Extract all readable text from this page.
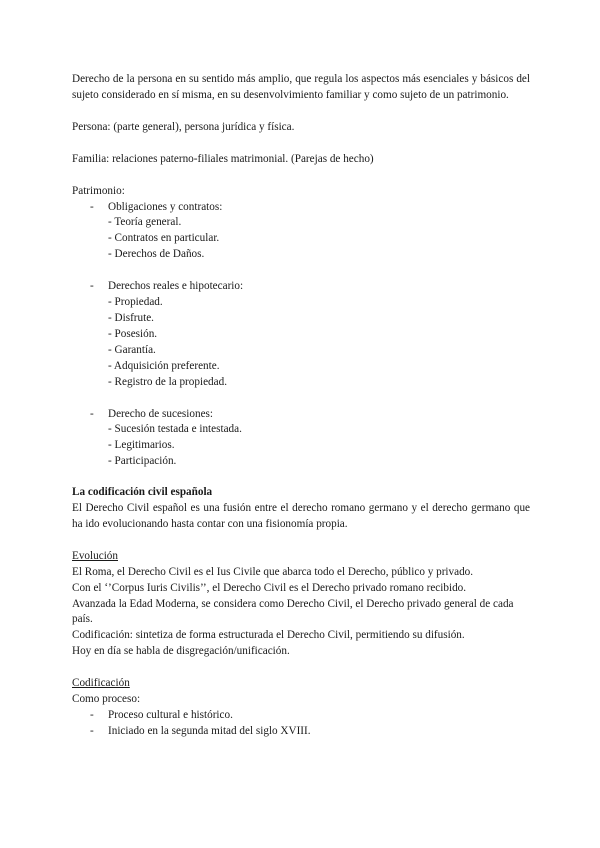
Derecho de la persona en su sentido más amplio, que regula los aspectos más esenciales y básicos del sujeto considerado en sí misma, en su desenvolvimiento familiar y como sujeto de un patrimonio.

Persona: (parte general), persona jurídica y física.

Familia: relaciones paterno-filiales matrimonial. (Parejas de hecho)

Patrimonio:

- Obligaciones y contratos:

- Teoría general.

- Contratos en particular.

- Derechos de Daños.

- Derechos reales e hipotecario:

- Propiedad.

- Disfrute.

- Posesión.

- Garantía.

- Adquisición preferente.

- Registro de la propiedad.

- Derecho de sucesiones:

- Sucesión testada e intestada.

- Legitimarios.

- Participación.

La codificación civil española

El Derecho Civil español es una fusión entre el derecho romano germano y el derecho germano que ha ido evolucionando hasta contar con una fisionomía propia.

Evolución

El Roma, el Derecho Civil es el Ius Civile que abarca todo el Derecho, público y privado.

Con el ‘’Corpus Iuris Civilis’’, el Derecho Civil es el Derecho privado romano recibido.

Avanzada la Edad Moderna, se considera como Derecho Civil, el Derecho privado general de cada país.

Codificación: sintetiza de forma estructurada el Derecho Civil, permitiendo su difusión.

Hoy en día se habla de disgregación/unificación.

Codificación

Como proceso:

- Proceso cultural e histórico.
- Iniciado en la segunda mitad del siglo XVIII.
